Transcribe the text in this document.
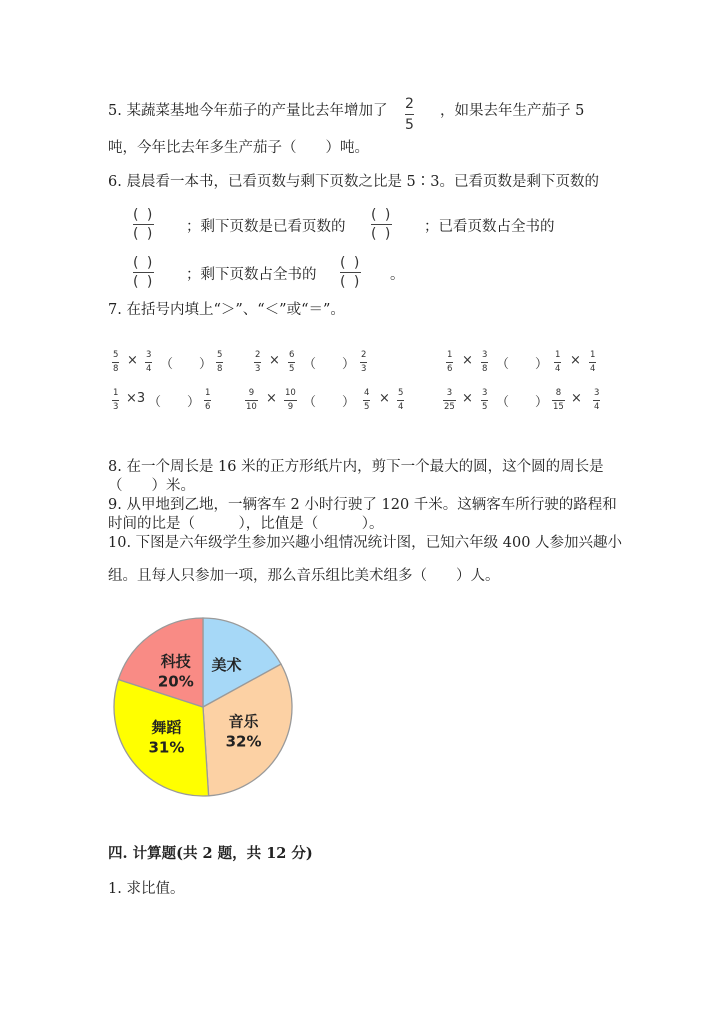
5. 某蔬菜基地今年茄子的产量比去年增加了 2
5
，如果去年生产茄子 5
吨，今年比去年多生产茄子（　　）吨。
6. 晨晨看一本书，已看页数与剩下页数之比是 5∶3。已看页数是剩下页数的
( )
( ) ；剩下页数是已看页数的
( )
( ) ；已看页数占全书的
( )
( ) ；剩下页数占全书的
( )
( ) 。
7. 在括号内填上“＞”、“＜”或“＝”。
5
8
× 3
4 （　　）
5
8
2
3
× 6
5 （　　）
2
3
1
6
× 3
8 （　　）
1
4
× 1
4
1
3
×3 （　　）
1
6
9
10
× 10
9 （　　）
4
5
× 5
4
3
25
× 3
5 （　　）
8
15
× 3
4
8. 在一个周长是 16 米的正方形纸片内，剪下一个最大的圆，这个圆的周长是
（　　）米。
9. 从甲地到乙地，一辆客车 2 小时行驶了 120 千米。这辆客车所行驶的路程和
时间的比是（　　　），比值是（　　　）。
10. 下图是六年级学生参加兴趣小组情况统计图，已知六年级 400 人参加兴趣小
组。且每人只参加一项，那么音乐组比美术组多（　　）人。
美术
音乐
32%
舞蹈
31%
科技
20%
四. 计算题(共 2 题，共 12 分)
1. 求比值。
